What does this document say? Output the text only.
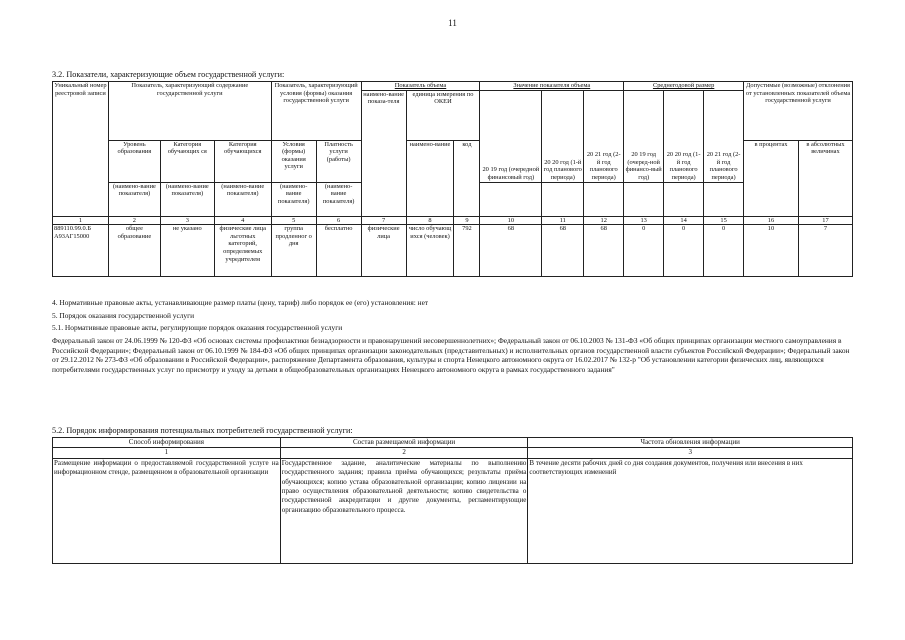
11
3.2. Показатели, характеризующие объем государственной услуги:
Уникальный номер реестровой записи	Показатель, характеризующий содержание государственной услуги			Показатель, характеризующий условия (формы) оказания государственной услуги		Показатель объема			Значение показателя объема			Среднегодовой размер			Допустимые (возможные) отклонения от установленных показателей объема государственной услуги	
						наимено-вание показа-теля	единица измерения по ОКЕИ		20 19 год (очередной финансовый год)	20 20 год (1-й год планового периода)	20 21 год (2-й год планового периода)	20 19 год (очеред-ной финансо-вый год)	20 20 год (1-й год планового периода)	20 21 год (2-й год планового периода)		
	Уровень образования	Категория обучающих ся	Категория обучающихся	Условия (формы) оказания услуги	Платность услуги (работы)		наимено-вание	код							в процентах	в абсолютных величинах
	(наимено-вание показателя)	(наимено-вание показателя)	(наимено-вание показателя)	(наимено-вание показателя)	(наимено-вание показателя)											
1	2	3	4	5	6	7	8	9	10	11	12	13	14	15	16	17
889110.99.0.Б А93АГ15000	общее образование	не указано	физические лица льготных категорий, определяемых учредителем	группа продленног о дня	бесплатно	физические лица	число обучающ ихся (человек)	792	68	68	68	0	0	0	10	7
4. Нормативные правовые акты, устанавливающие размер платы (цену, тариф) либо порядок ее (его) установления: нет
5. Порядок оказания государственной услуги
5.1. Нормативные правовые акты, регулирующие порядок оказания государственной услуги
Федеральный закон от 24.06.1999 № 120-ФЗ «Об основах системы профилактики безнадзорности и правонарушений несовершеннолетних»; Федеральный закон от 06.10.2003 № 131-ФЗ «Об общих принципах организации местного самоуправления в Российской Федерации»; Федеральный закон от 06.10.1999 № 184-ФЗ «Об общих принципах организации законодательных (представительных) и исполнительных органов государственной власти субъектов Российской Федерации»; Федеральный закон от 29.12.2012 № 273-ФЗ «Об образовании в Российской Федерации», распоряжение Департамента образования, культуры и спорта Ненецкого автономного округа от 16.02.2017 № 132-р "Об установлении категории физических лиц, являющихся потребителями государственных услуг по присмотру и уходу за детьми в общеобразовательных организациях Ненецкого автономного округа в рамках государственного задания"
5.2. Порядок информирования потенциальных потребителей государственной услуги:
Способ информирования	Состав размещаемой информации	Частота обновления информации
1	2	3
Размещение информации о предоставляемой государственной услуге на информационном стенде, размещенном в образовательной организации	Государственное задание, аналитические материалы по выполнению государственного задания; правила приёма обучающихся; результаты приёма обучающихся; копию устава образовательной организации; копию лицензии на право осуществления образовательной деятельности; копию свидетельства о государственной аккредитации и другие документы, регламентирующие организацию образовательного процесса.	В течение десяти рабочих дней со дня создания документов, получения или внесения в них соответствующих изменений
